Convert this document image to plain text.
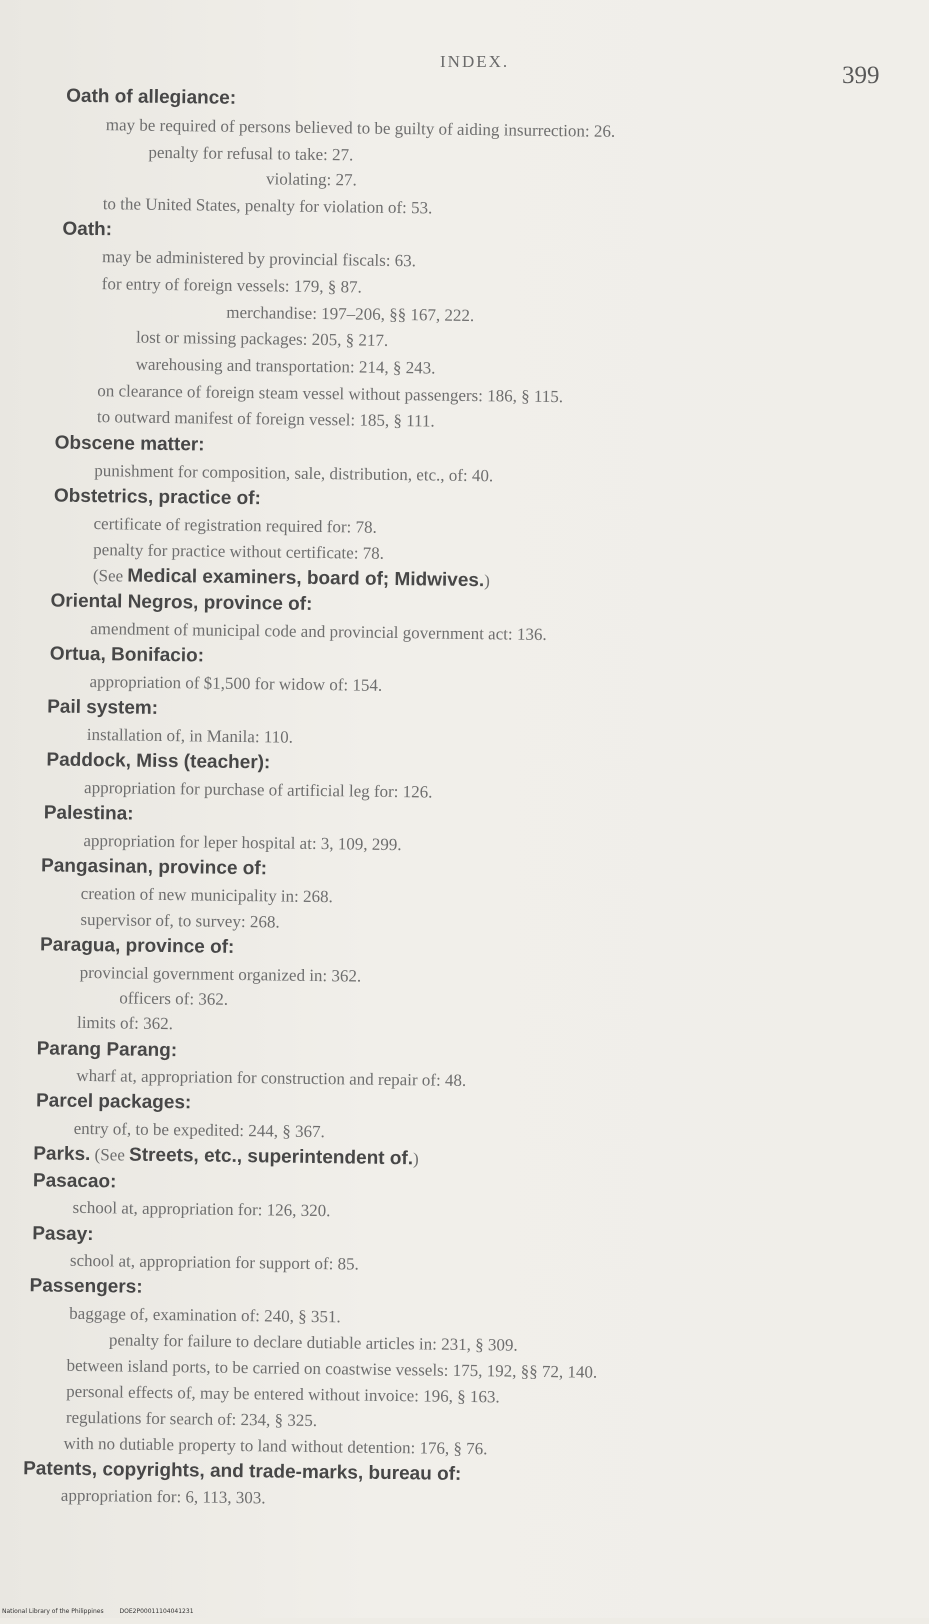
INDEX.
399
Oath of allegiance:
may be required of persons believed to be guilty of aiding insurrection: 26.
penalty for refusal to take: 27.
violating: 27.
to the United States, penalty for violation of: 53.
Oath:
may be administered by provincial fiscals: 63.
for entry of foreign vessels: 179, § 87.
merchandise: 197–206, §§ 167, 222.
lost or missing packages: 205, § 217.
warehousing and transportation: 214, § 243.
on clearance of foreign steam vessel without passengers: 186, § 115.
to outward manifest of foreign vessel: 185, § 111.
Obscene matter:
punishment for composition, sale, distribution, etc., of: 40.
Obstetrics, practice of:
certificate of registration required for: 78.
penalty for practice without certificate: 78.
(See Medical examiners, board of; Midwives.)
Oriental Negros, province of:
amendment of municipal code and provincial government act: 136.
Ortua, Bonifacio:
appropriation of $1,500 for widow of: 154.
Pail system:
installation of, in Manila: 110.
Paddock, Miss (teacher):
appropriation for purchase of artificial leg for: 126.
Palestina:
appropriation for leper hospital at: 3, 109, 299.
Pangasinan, province of:
creation of new municipality in: 268.
supervisor of, to survey: 268.
Paragua, province of:
provincial government organized in: 362.
officers of: 362.
limits of: 362.
Parang Parang:
wharf at, appropriation for construction and repair of: 48.
Parcel packages:
entry of, to be expedited: 244, § 367.
Parks. (See Streets, etc., superintendent of.)
Pasacao:
school at, appropriation for: 126, 320.
Pasay:
school at, appropriation for support of: 85.
Passengers:
baggage of, examination of: 240, § 351.
penalty for failure to declare dutiable articles in: 231, § 309.
between island ports, to be carried on coastwise vessels: 175, 192, §§ 72, 140.
personal effects of, may be entered without invoice: 196, § 163.
regulations for search of: 234, § 325.
with no dutiable property to land without detention: 176, § 76.
Patents, copyrights, and trade-marks, bureau of:
appropriation for: 6, 113, 303.
National Library of the Philippines	DOE2P00011104041231
